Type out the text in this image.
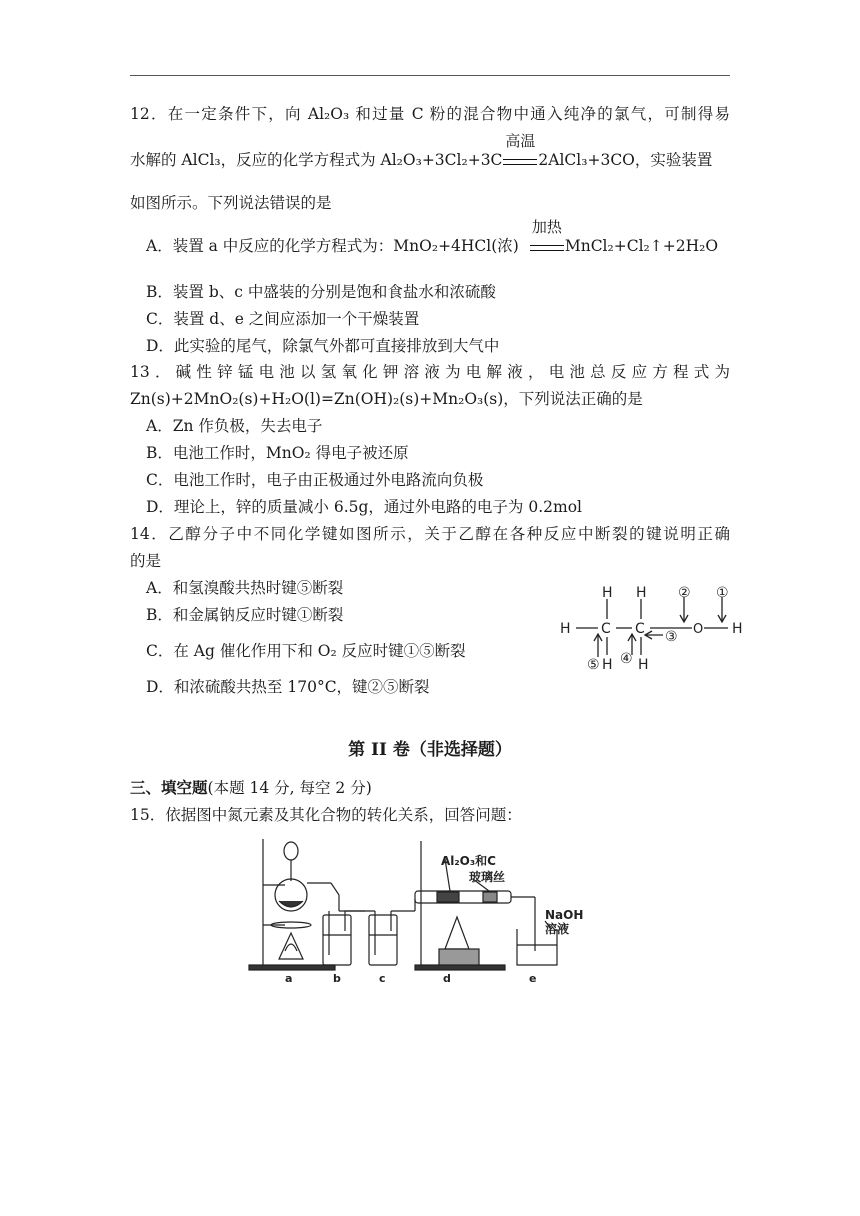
12．在一定条件下，向 Al₂O₃ 和过量 C 粉的混合物中通入纯净的氯气，可制得易
水解的 AlCl₃，反应的化学方程式为 Al₂O₃+3Cl₂+3C
高温
2AlCl₃+3CO，实验装置
如图所示。下列说法错误的是
A．装置 a 中反应的化学方程式为：MnO₂+4HCl(浓)
加热
MnCl₂+Cl₂↑+2H₂O
B．装置 b、c 中盛装的分别是饱和食盐水和浓硫酸
C．装置 d、e 之间应添加一个干燥装置
D．此实验的尾气，除氯气外都可直接排放到大气中
13．碱性锌锰电池以氢氧化钾溶液为电解液，电池总反应方程式为
Zn(s)+2MnO₂(s)+H₂O(l)=Zn(OH)₂(s)+Mn₂O₃(s)，下列说法正确的是
A．Zn 作负极，失去电子
B．电池工作时，MnO₂ 得电子被还原
C．电池工作时，电子由正极通过外电路流向负极
D．理论上，锌的质量减小 6.5g，通过外电路的电子为 0.2mol
14．乙醇分子中不同化学键如图所示，关于乙醇在各种反应中断裂的键说明正确
的是
A．和氢溴酸共热时键⑤断裂
B．和金属钠反应时键①断裂
C．在 Ag 催化作用下和 O₂ 反应时键①⑤断裂
D．和浓硫酸共热至 170°C，键②⑤断裂
H
H H
C C	O H
H H
①
②
③
④
⑤
第 II 卷（非选择题）
三、填空题(本题 14 分, 每空 2 分)
15．依据图中氮元素及其化合物的转化关系，回答问题：
Al₂O₃和C
玻璃丝
NaOH
溶液
a	b	c	d	e
